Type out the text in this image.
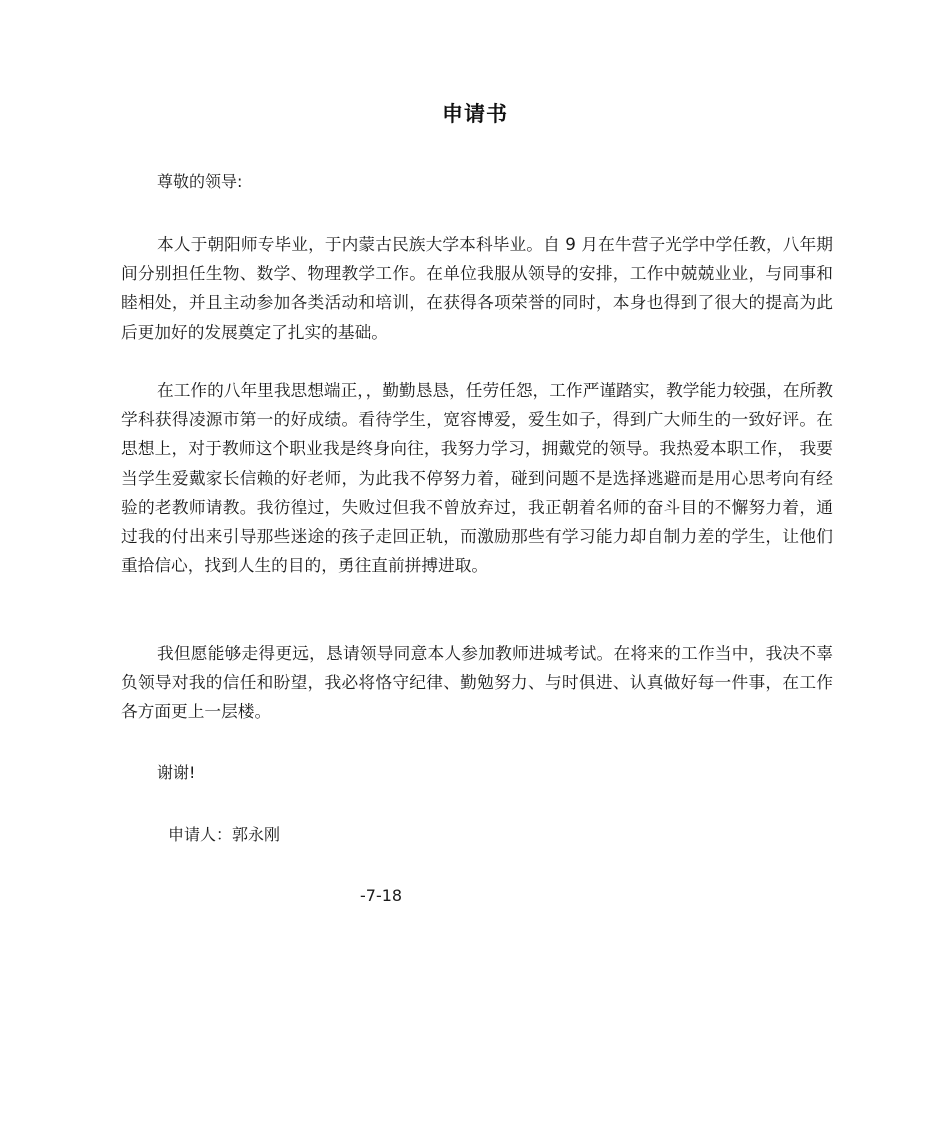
申请书
尊敬的领导:

本人于朝阳师专毕业，于内蒙古民族大学本科毕业。自 9 月在牛营子光学中学任教，八年期间分别担任生物、数学、物理教学工作。在单位我服从领导的安排，工作中兢兢业业，与同事和睦相处，并且主动参加各类活动和培训，在获得各项荣誉的同时，本身也得到了很大的提高为此后更加好的发展奠定了扎实的基础。

在工作的八年里我思想端正，，勤勤恳恳，任劳任怨，工作严谨踏实，教学能力较强，在所教学科获得凌源市第一的好成绩。看待学生，宽容博爱，爱生如子，得到广大师生的一致好评。在思想上，对于教师这个职业我是终身向往，我努力学习，拥戴党的领导。我热爱本职工作， 我要当学生爱戴家长信赖的好老师，为此我不停努力着，碰到问题不是选择逃避而是用心思考向有经验的老教师请教。我彷徨过，失败过但我不曾放弃过，我正朝着名师的奋斗目的不懈努力着，通过我的付出来引导那些迷途的孩子走回正轨，而激励那些有学习能力却自制力差的学生，让他们重拾信心，找到人生的目的，勇往直前拼搏进取。

我但愿能够走得更远，恳请领导同意本人参加教师进城考试。在将来的工作当中，我决不辜负领导对我的信任和盼望，我必将恪守纪律、勤勉努力、与时俱进、认真做好每一件事，在工作各方面更上一层楼。

谢谢!
申请人：郭永刚
-7-18
